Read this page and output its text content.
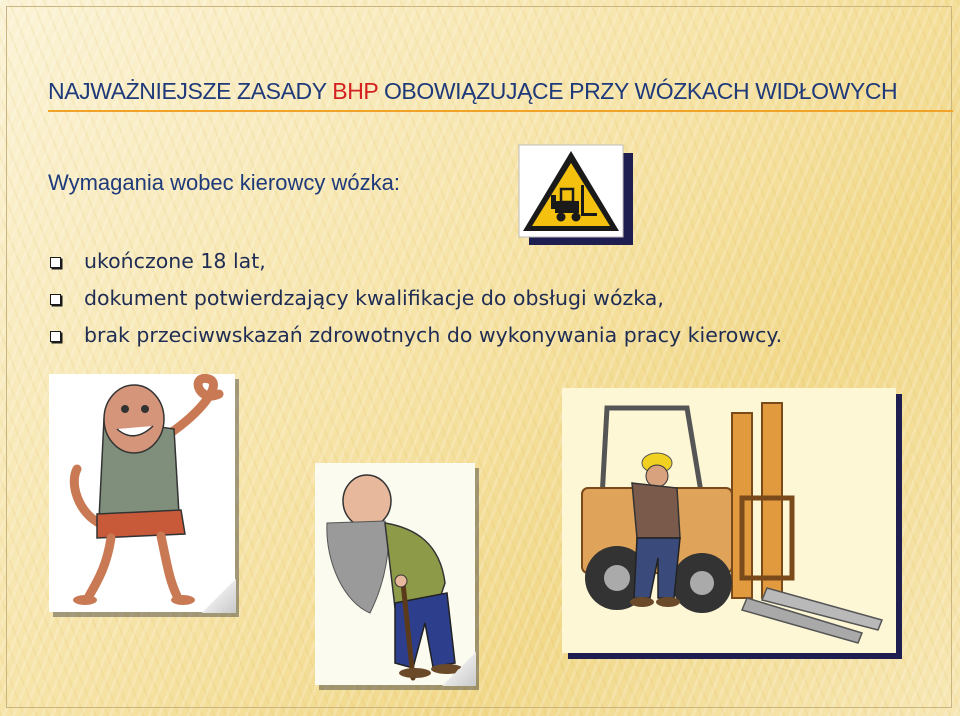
NAJWAŻNIEJSZE ZASADY BHP OBOWIĄZUJĄCE PRZY WÓZKACH WIDŁOWYCH

Wymagania wobec kierowcy wózka:

ukończone 18 lat,
dokument potwierdzający kwalifikacje do obsługi wózka,
brak przeciwwskazań zdrowotnych do wykonywania pracy kierowcy.
